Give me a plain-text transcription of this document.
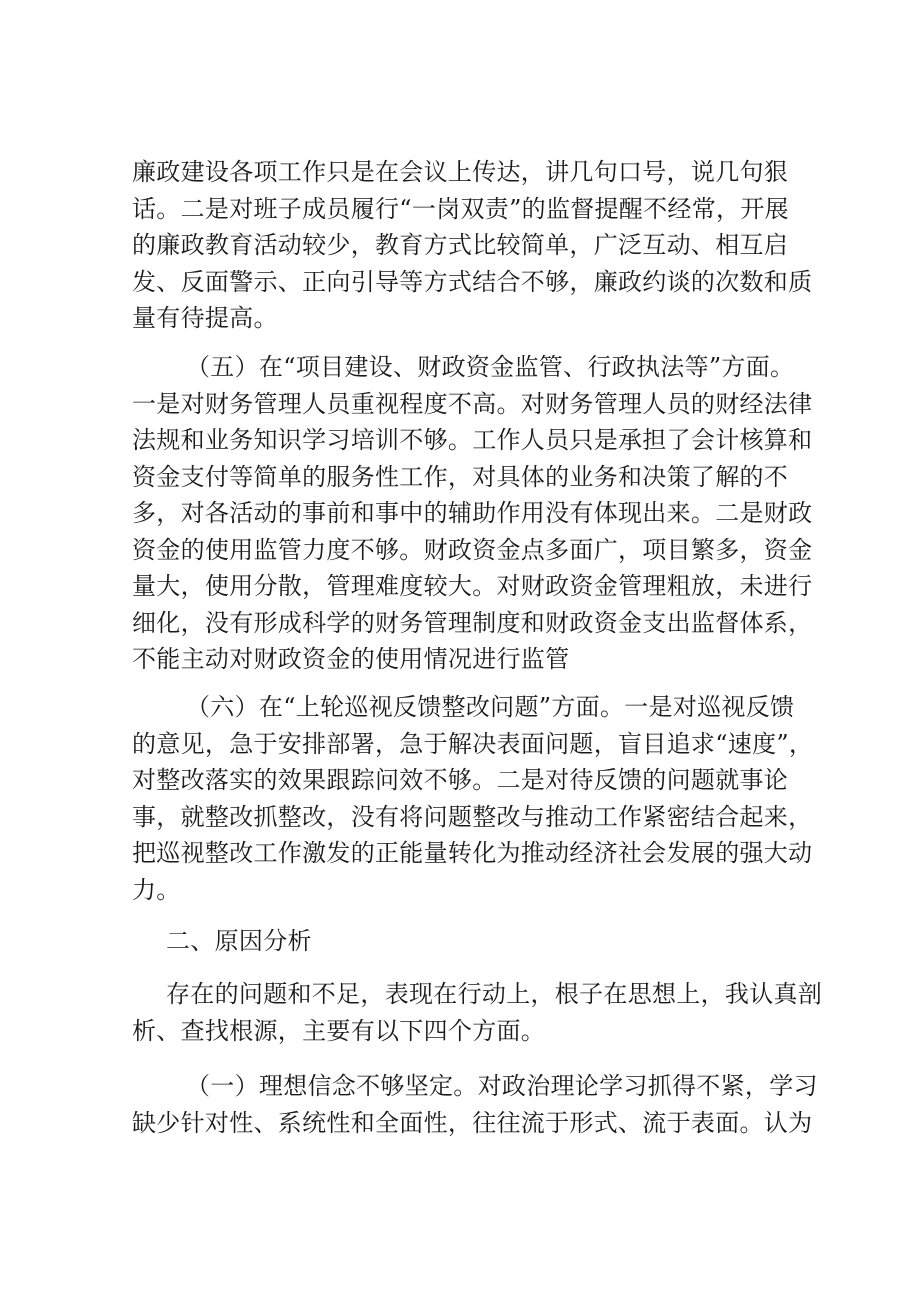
廉政建设各项工作只是在会议上传达，讲几句口号，说几句狠
话。二是对班子成员履行“一岗双责”的监督提醒不经常，开展
的廉政教育活动较少，教育方式比较简单，广泛互动、相互启
发、反面警示、正向引导等方式结合不够，廉政约谈的次数和质
量有待提高。
（五）在“项目建设、财政资金监管、行政执法等”方面。
一是对财务管理人员重视程度不高。对财务管理人员的财经法律
法规和业务知识学习培训不够。工作人员只是承担了会计核算和
资金支付等简单的服务性工作，对具体的业务和决策了解的不
多，对各活动的事前和事中的辅助作用没有体现出来。二是财政
资金的使用监管力度不够。财政资金点多面广，项目繁多，资金
量大，使用分散，管理难度较大。对财政资金管理粗放，未进行
细化，没有形成科学的财务管理制度和财政资金支出监督体系，
不能主动对财政资金的使用情况进行监管
（六）在“上轮巡视反馈整改问题”方面。一是对巡视反馈
的意见，急于安排部署，急于解决表面问题，盲目追求“速度”，
对整改落实的效果跟踪问效不够。二是对待反馈的问题就事论
事，就整改抓整改，没有将问题整改与推动工作紧密结合起来，
把巡视整改工作激发的正能量转化为推动经济社会发展的强大动
力。
二、原因分析
存在的问题和不足，表现在行动上，根子在思想上，我认真剖
析、查找根源，主要有以下四个方面。
（一）理想信念不够坚定。对政治理论学习抓得不紧，学习
缺少针对性、系统性和全面性，往往流于形式、流于表面。认为
